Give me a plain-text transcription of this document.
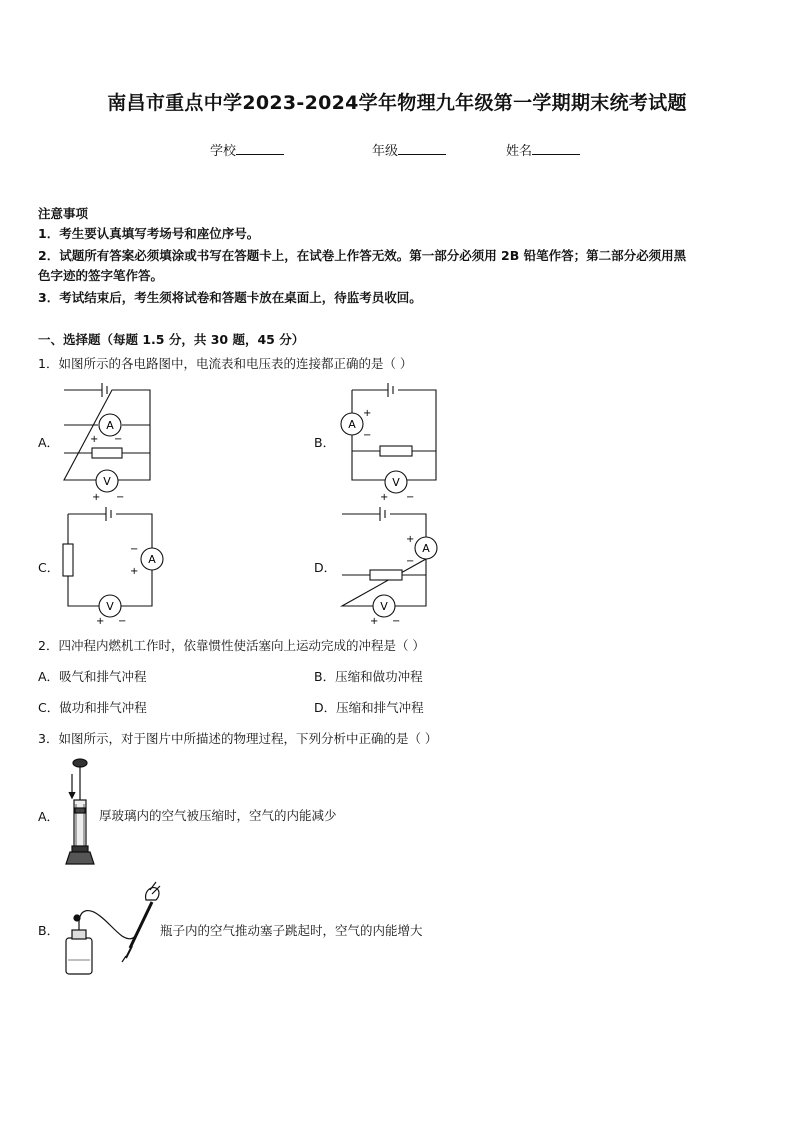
南昌市重点中学2023-2024学年物理九年级第一学期期末统考试题
学校	年级	姓名
注意事项
1．考生要认真填写考场号和座位序号。
2．试题所有答案必须填涂或书写在答题卡上，在试卷上作答无效。第一部分必须用 2B 铅笔作答；第二部分必须用黑
色字迹的签字笔作答。
3．考试结束后，考生须将试卷和答题卡放在桌面上，待监考员收回。
一、选择题（每题 1.5 分，共 30 题，45 分）
1．如图所示的各电路图中，电流表和电压表的连接都正确的是（ ）
A．	B．
C．	D．
A
V
+ −
+ −
A
V
+
−
+ −
A
V
−
+
+ −
A
V
+
−
+ −
2．四冲程内燃机工作时，依靠惯性使活塞向上运动完成的冲程是（ ）
A．吸气和排气冲程	B．压缩和做功冲程
C．做功和排气冲程	D．压缩和排气冲程
3．如图所示，对于图片中所描述的物理过程，下列分析中正确的是（ ）
A．	厚玻璃内的空气被压缩时，空气的内能减少
B．	瓶子内的空气推动塞子跳起时，空气的内能增大
